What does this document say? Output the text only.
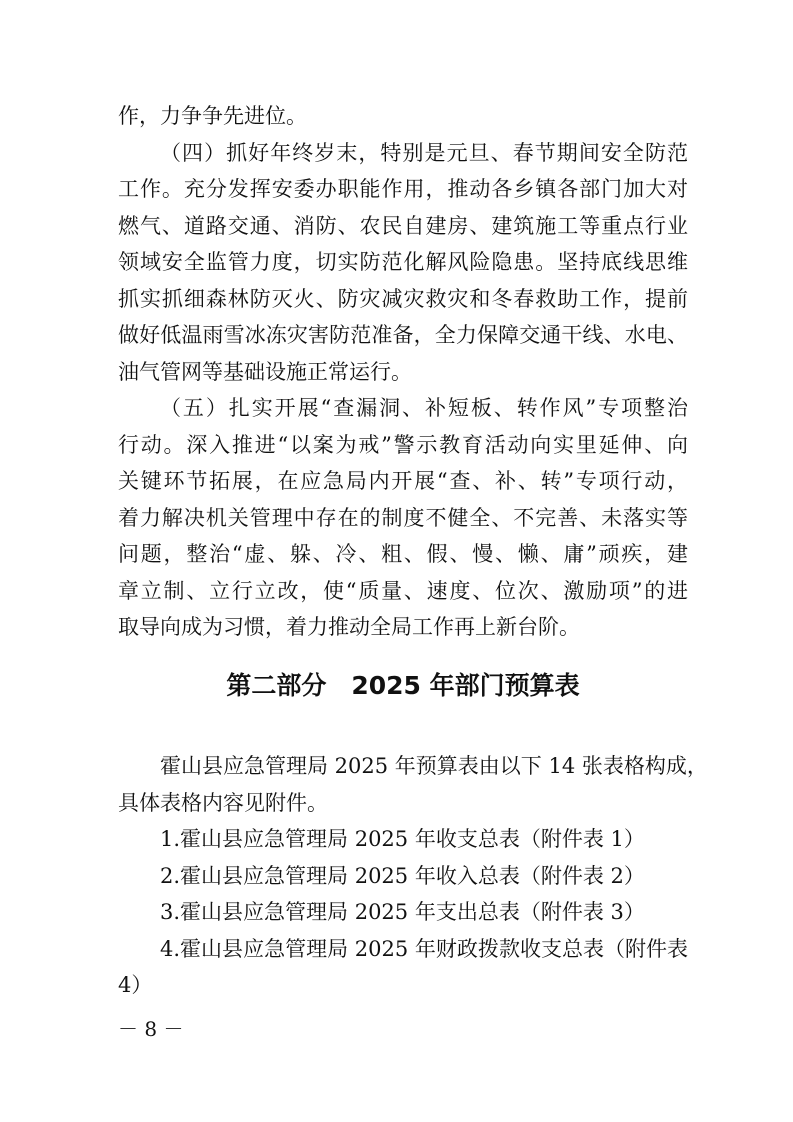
作，力争争先进位。
（四）抓好年终岁末，特别是元旦、春节期间安全防范
工作。充分发挥安委办职能作用，推动各乡镇各部门加大对
燃气、道路交通、消防、农民自建房、建筑施工等重点行业
领域安全监管力度，切实防范化解风险隐患。坚持底线思维
抓实抓细森林防灭火、防灾减灾救灾和冬春救助工作，提前
做好低温雨雪冰冻灾害防范准备，全力保障交通干线、水电、
油气管网等基础设施正常运行。
（五）扎实开展“查漏洞、补短板、转作风”专项整治
行动。深入推进“以案为戒”警示教育活动向实里延伸、向
关键环节拓展，在应急局内开展“查、补、转”专项行动，
着力解决机关管理中存在的制度不健全、不完善、未落实等
问题，整治“虚、躲、冷、粗、假、慢、懒、庸”顽疾，建
章立制、立行立改，使“质量、速度、位次、激励项”的进
取导向成为习惯，着力推动全局工作再上新台阶。
第二部分　2025 年部门预算表
霍山县应急管理局 2025 年预算表由以下 14 张表格构成，
具体表格内容见附件。
1.霍山县应急管理局 2025 年收支总表（附件表 1）
2.霍山县应急管理局 2025 年收入总表（附件表 2）
3.霍山县应急管理局 2025 年支出总表（附件表 3）
4.霍山县应急管理局 2025 年财政拨款收支总表（附件表
4）
－ 8 －
